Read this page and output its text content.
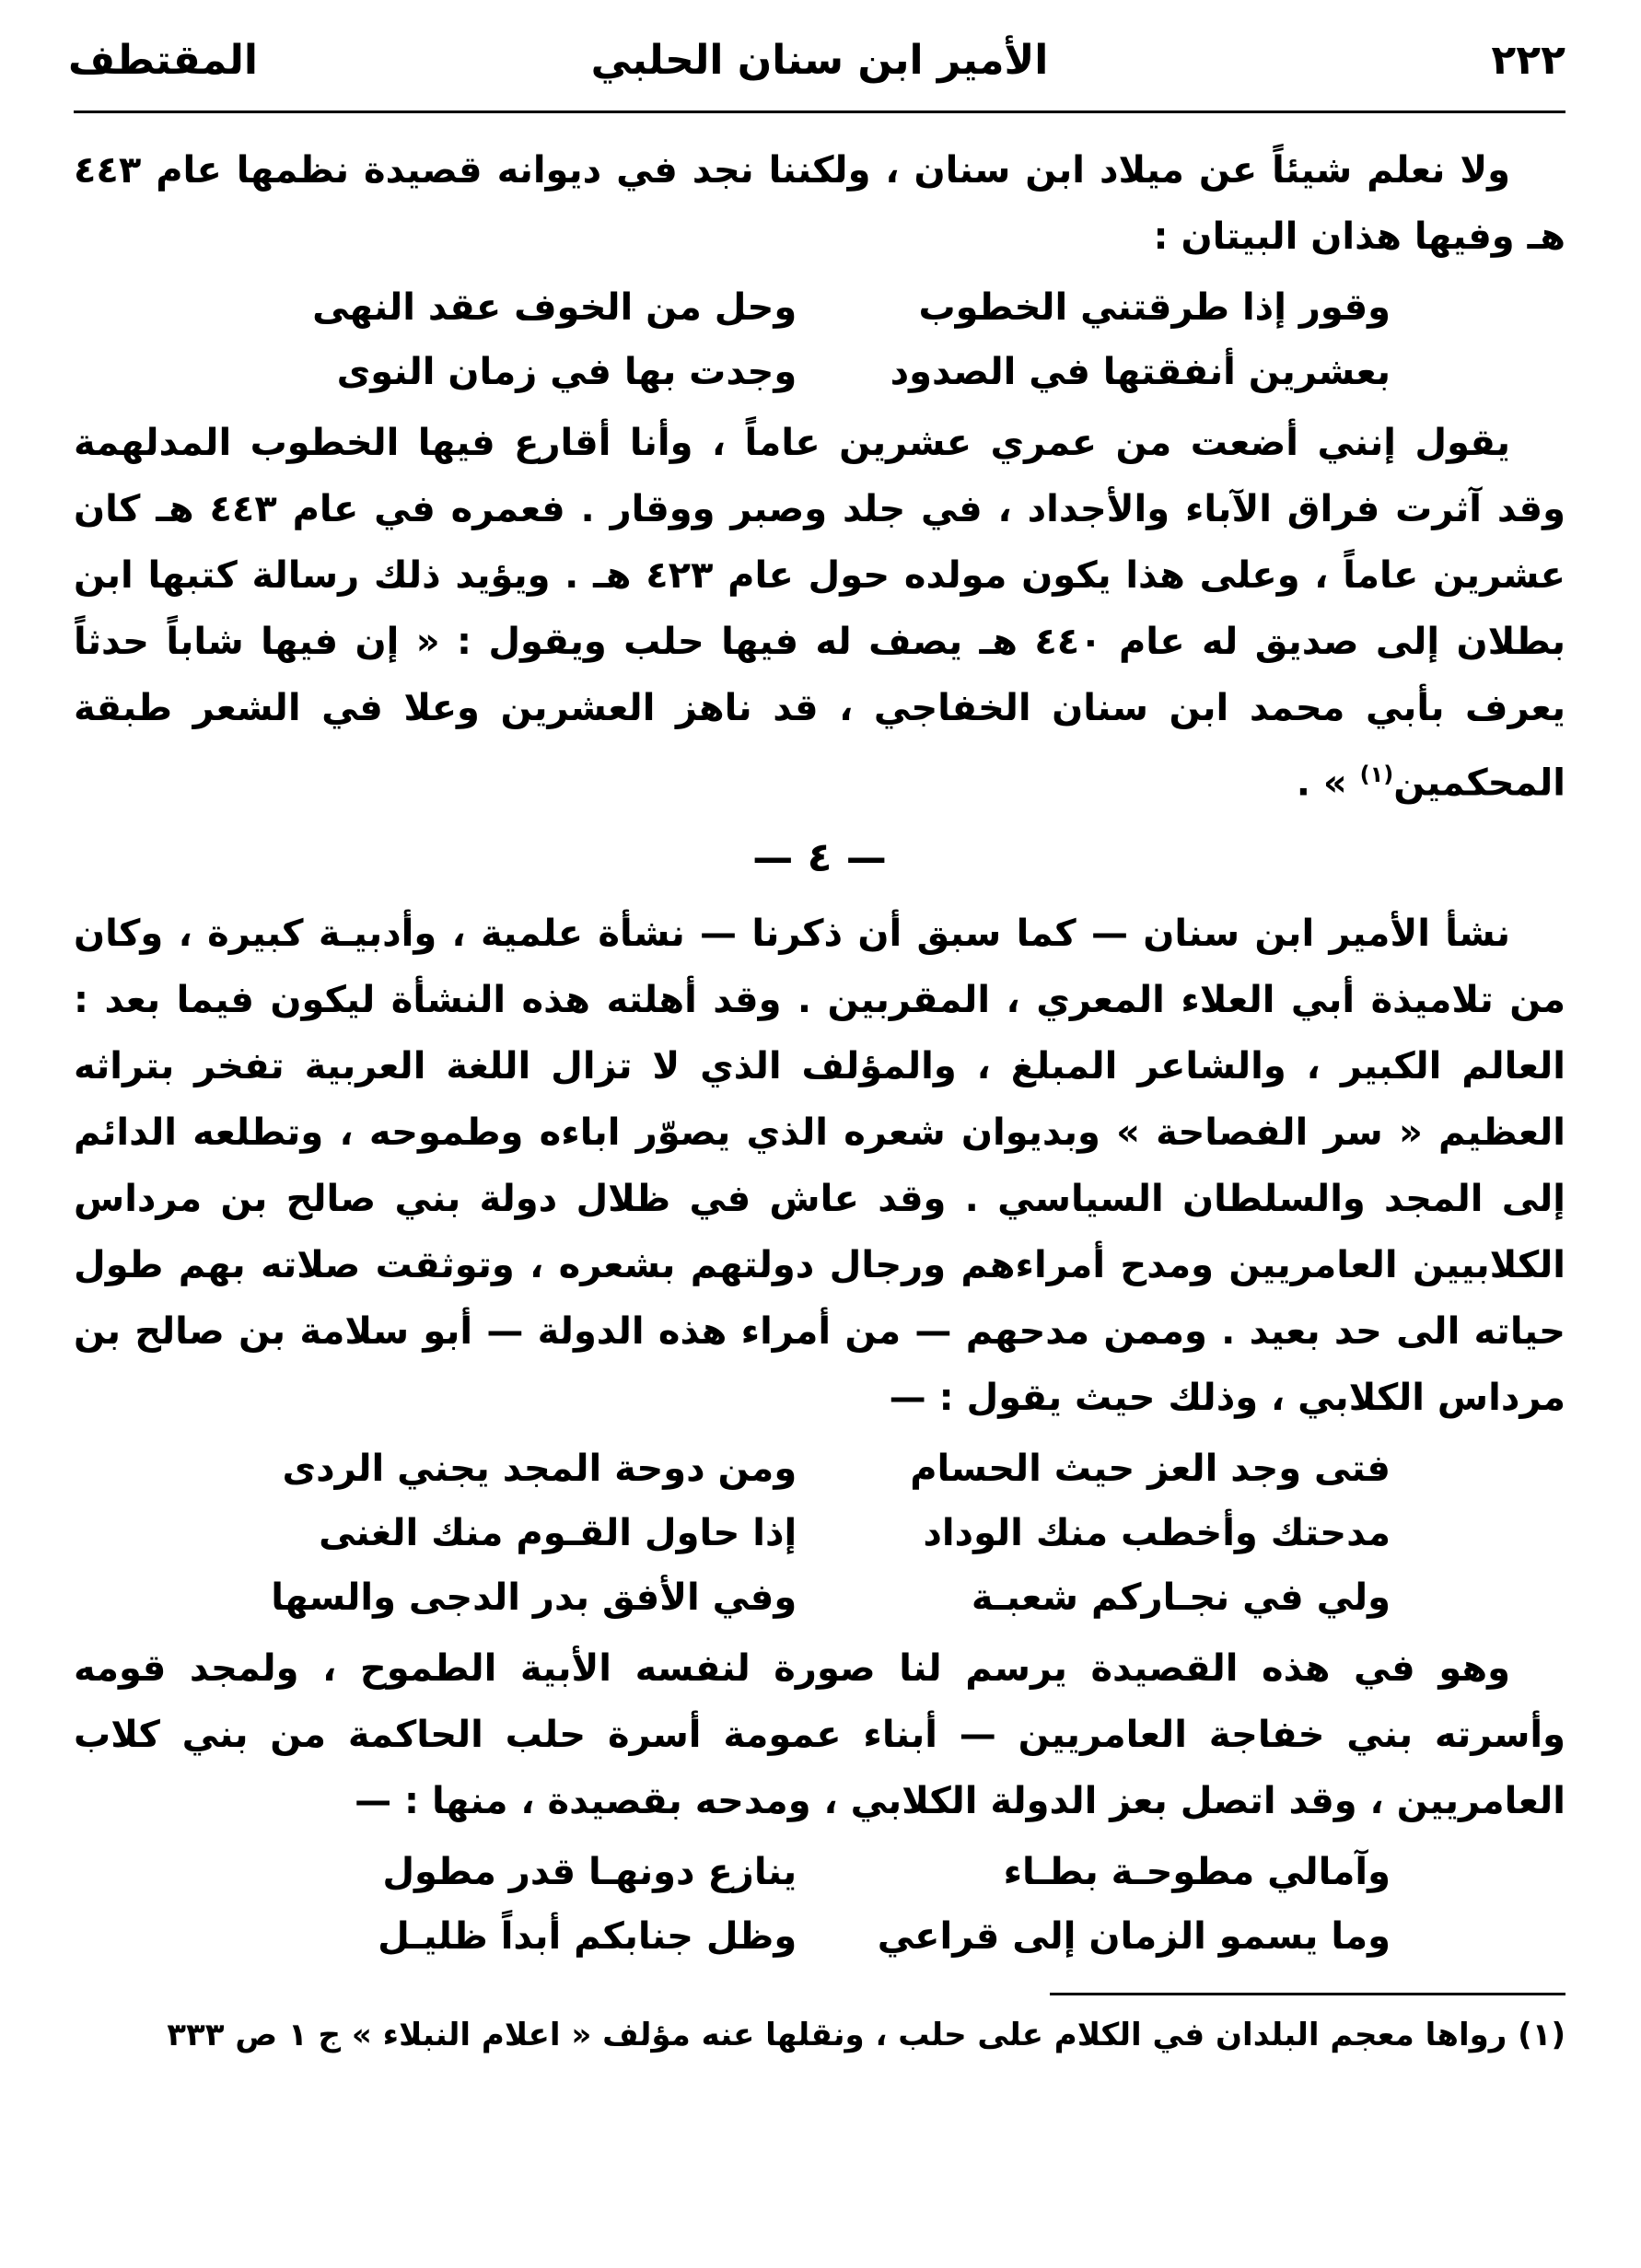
٢٢٢
الأمير ابن سنان الحلبي
المقتطف

ولا نعلم شيئاً عن ميلاد ابن سنان ، ولكننا نجد في ديوانه قصيدة نظمها عام ٤٤٣ هـ وفيها هذان البيتان :

وقور إذا طرقتني الخطوب
وحل من الخوف عقد النهى
بعشرين أنفقتها في الصدود
وجدت بها في زمان النوى

يقول إنني أضعت من عمري عشرين عاماً ، وأنا أقارع فيها الخطوب المدلهمة وقد آثرت فراق الآباء والأجداد ، في جلد وصبر ووقار . فعمره في عام ٤٤٣ هـ كان عشرين عاماً ، وعلى هذا يكون مولده حول عام ٤٢٣ هـ . ويؤيد ذلك رسالة كتبها ابن بطلان إلى صديق له عام ٤٤٠ هـ يصف له فيها حلب ويقول : « إن فيها شاباً حدثاً يعرف بأبي محمد ابن سنان الخفاجي ، قد ناهز العشرين وعلا في الشعر طبقة المحكمين$^{(١)}$ » .

— ٤ —

نشأ الأمير ابن سنان — كما سبق أن ذكرنا — نشأة علمية ، وأدبيـة كبيرة ، وكان من تلاميذة أبي العلاء المعري ، المقربين . وقد أهلته هذه النشأة ليكون فيما بعد : العالم الكبير ، والشاعر المبلغ ، والمؤلف الذي لا تزال اللغة العربية تفخر بتراثه العظيم « سر الفصاحة » وبديوان شعره الذي يصوّر اباءه وطموحه ، وتطلعه الدائم إلى المجد والسلطان السياسي . وقد عاش في ظلال دولة بني صالح بن مرداس الكلابيين العامريين ومدح أمراءهم ورجال دولتهم بشعره ، وتوثقت صلاته بهم طول حياته الى حد بعيد . وممن مدحهم — من أمراء هذه الدولة — أبو سلامة بن صالح بن مرداس الكلابي ، وذلك حيث يقول : —

فتى وجد العز حيث الحسام
ومن دوحة المجد يجني الردى
مدحتك وأخطب منك الوداد
إذا حاول القـوم منك الغنى
ولي في نجـاركم شعبـة
وفي الأفق بدر الدجى والسها

وهو في هذه القصيدة يرسم لنا صورة لنفسه الأبية الطموح ، ولمجد قومه وأسرته بني خفاجة العامريين — أبناء عمومة أسرة حلب الحاكمة من بني كلاب العامريين ، وقد اتصل بعز الدولة الكلابي ، ومدحه بقصيدة ، منها : —

وآمالي مطوحـة بطـاء
ينازع دونهـا قدر مطول
وما يسمو الزمان إلى قراعي
وظل جنابكم أبداً ظليـل
(١) رواها معجم البلدان في الكلام على حلب ، ونقلها عنه مؤلف « اعلام النبلاء » ج ١ ص ٣٣٣
